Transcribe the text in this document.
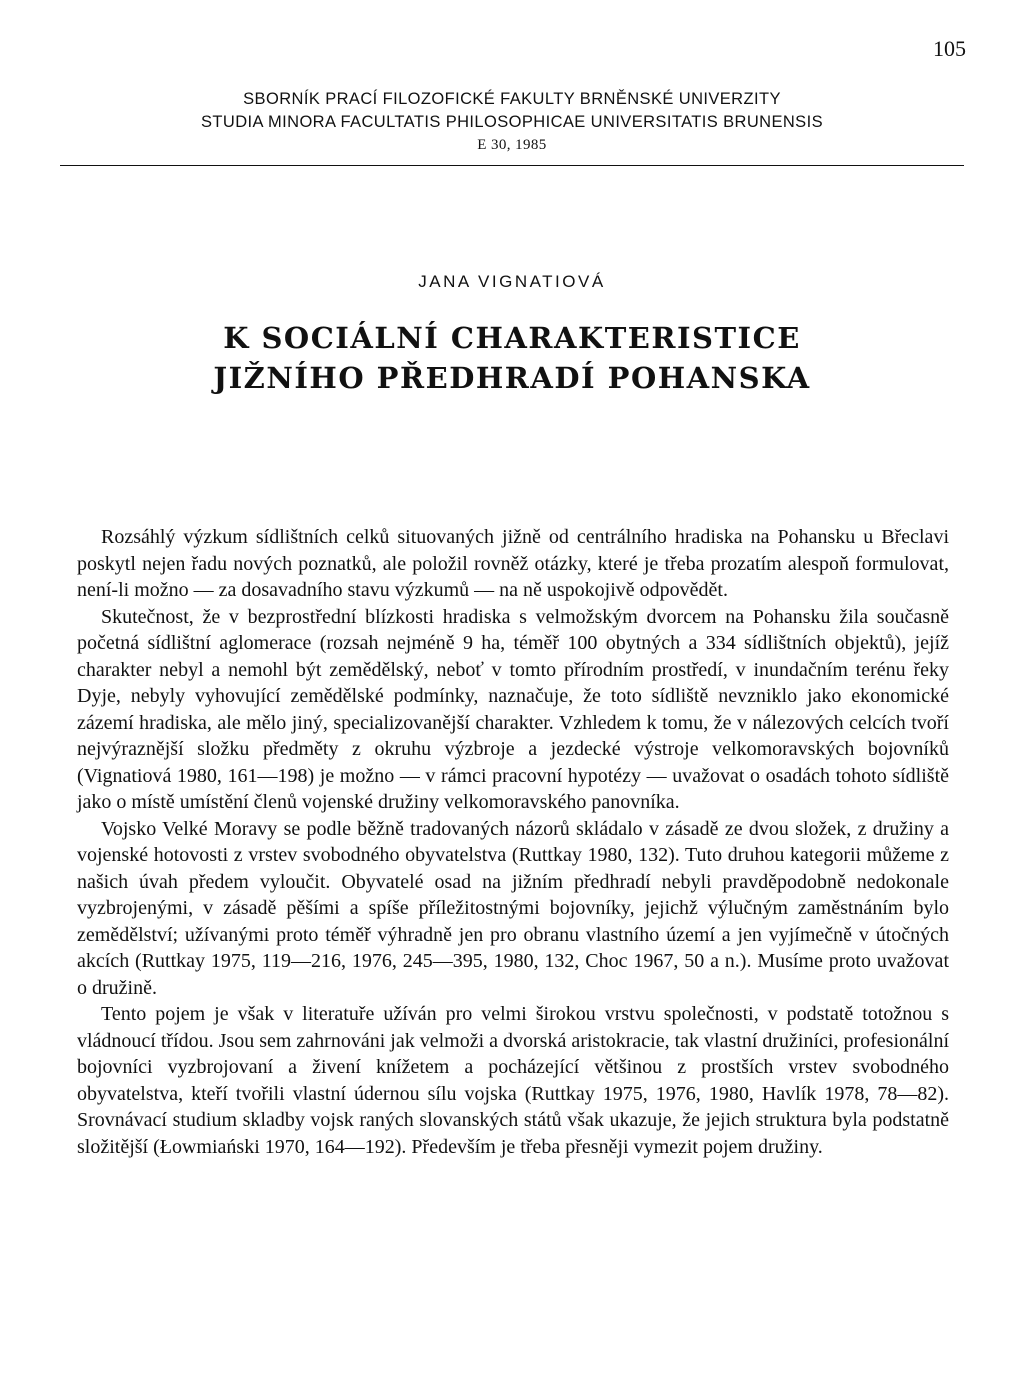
105
SBORNÍK PRACÍ FILOZOFICKÉ FAKULTY BRNĚNSKÉ UNIVERZITY
STUDIA MINORA FACULTATIS PHILOSOPHICAE UNIVERSITATIS BRUNENSIS
E 30, 1985
JANA VIGNATIOVÁ
K SOCIÁLNÍ CHARAKTERISTICE
JIŽNÍHO PŘEDHRADÍ POHANSKA

Rozsáhlý výzkum sídlištních celků situovaných jižně od centrálního hradiska na Pohansku u Břeclavi poskytl nejen řadu nových poznatků, ale položil rovněž otázky, které je třeba prozatím alespoň formulovat, není-li možno — za dosavadního stavu výzkumů — na ně uspokojivě odpovědět.

Skutečnost, že v bezprostřední blízkosti hradiska s velmožským dvorcem na Pohansku žila současně početná sídlištní aglomerace (rozsah nejméně 9 ha, téměř 100 obytných a 334 sídlištních objektů), jejíž charakter nebyl a nemohl být zemědělský, neboť v tomto přírodním prostředí, v inundačním terénu řeky Dyje, nebyly vyhovující zemědělské podmínky, naznačuje, že toto sídliště nevzniklo jako ekonomické zázemí hradiska, ale mělo jiný, specializovanější charakter. Vzhledem k tomu, že v nálezových celcích tvoří nejvýraznější složku předměty z okruhu výzbroje a jezdecké výstroje velkomoravských bojovníků (Vignatiová 1980, 161—198) je možno — v rámci pracovní hypotézy — uvažovat o osadách tohoto sídliště jako o místě umístění členů vojenské družiny velkomoravského panovníka.

Vojsko Velké Moravy se podle běžně tradovaných názorů skládalo v zásadě ze dvou složek, z družiny a vojenské hotovosti z vrstev svobodného obyvatelstva (Ruttkay 1980, 132). Tuto druhou kategorii můžeme z našich úvah předem vyloučit. Obyvatelé osad na jižním předhradí nebyli pravděpodobně nedokonale vyzbrojenými, v zásadě pěšími a spíše příležitostnými bojovníky, jejichž výlučným zaměstnáním bylo zemědělství; užívanými proto téměř výhradně jen pro obranu vlastního území a jen vyjímečně v útočných akcích (Ruttkay 1975, 119—216, 1976, 245—395, 1980, 132, Choc 1967, 50 a n.). Musíme proto uvažovat o družině.

Tento pojem je však v literatuře užíván pro velmi širokou vrstvu společnosti, v podstatě totožnou s vládnoucí třídou. Jsou sem zahrnováni jak velmoži a dvorská aristokracie, tak vlastní družiníci, profesionální bojovníci vyzbrojovaní a živení knížetem a pocházející většinou z prostších vrstev svobodného obyvatelstva, kteří tvořili vlastní údernou sílu vojska (Ruttkay 1975, 1976, 1980, Havlík 1978, 78—82). Srovnávací studium skladby vojsk raných slovanských států však ukazuje, že jejich struktura byla podstatně složitější (Łowmiański 1970, 164—192). Především je třeba přesněji vymezit pojem družiny.
